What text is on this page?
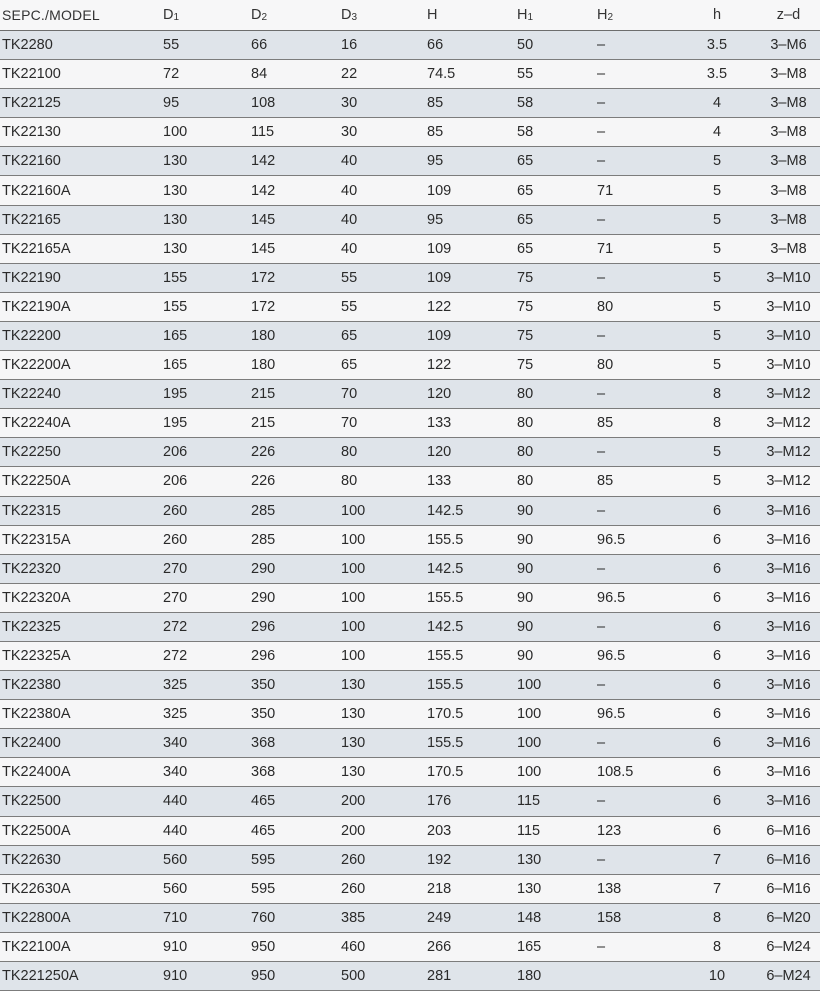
SEPC./MODEL	$D_1$	$D_2$	$D_3$	H	$H_1$	$H_2$	h	z–d
TK2280	55	66	16	66	50	–	3.5	3–M6
TK22100	72	84	22	74.5	55	–	3.5	3–M8
TK22125	95	108	30	85	58	–	4	3–M8
TK22130	100	115	30	85	58	–	4	3–M8
TK22160	130	142	40	95	65	–	5	3–M8
TK22160A	130	142	40	109	65	71	5	3–M8
TK22165	130	145	40	95	65	–	5	3–M8
TK22165A	130	145	40	109	65	71	5	3–M8
TK22190	155	172	55	109	75	–	5	3–M10
TK22190A	155	172	55	122	75	80	5	3–M10
TK22200	165	180	65	109	75	–	5	3–M10
TK22200A	165	180	65	122	75	80	5	3–M10
TK22240	195	215	70	120	80	–	8	3–M12
TK22240A	195	215	70	133	80	85	8	3–M12
TK22250	206	226	80	120	80	–	5	3–M12
TK22250A	206	226	80	133	80	85	5	3–M12
TK22315	260	285	100	142.5	90	–	6	3–M16
TK22315A	260	285	100	155.5	90	96.5	6	3–M16
TK22320	270	290	100	142.5	90	–	6	3–M16
TK22320A	270	290	100	155.5	90	96.5	6	3–M16
TK22325	272	296	100	142.5	90	–	6	3–M16
TK22325A	272	296	100	155.5	90	96.5	6	3–M16
TK22380	325	350	130	155.5	100	–	6	3–M16
TK22380A	325	350	130	170.5	100	96.5	6	3–M16
TK22400	340	368	130	155.5	100	–	6	3–M16
TK22400A	340	368	130	170.5	100	108.5	6	3–M16
TK22500	440	465	200	176	115	–	6	3–M16
TK22500A	440	465	200	203	115	123	6	6–M16
TK22630	560	595	260	192	130	–	7	6–M16
TK22630A	560	595	260	218	130	138	7	6–M16
TK22800A	710	760	385	249	148	158	8	6–M20
TK22100A	910	950	460	266	165	–	8	6–M24
TK221250A	910	950	500	281	180		10	6–M24
